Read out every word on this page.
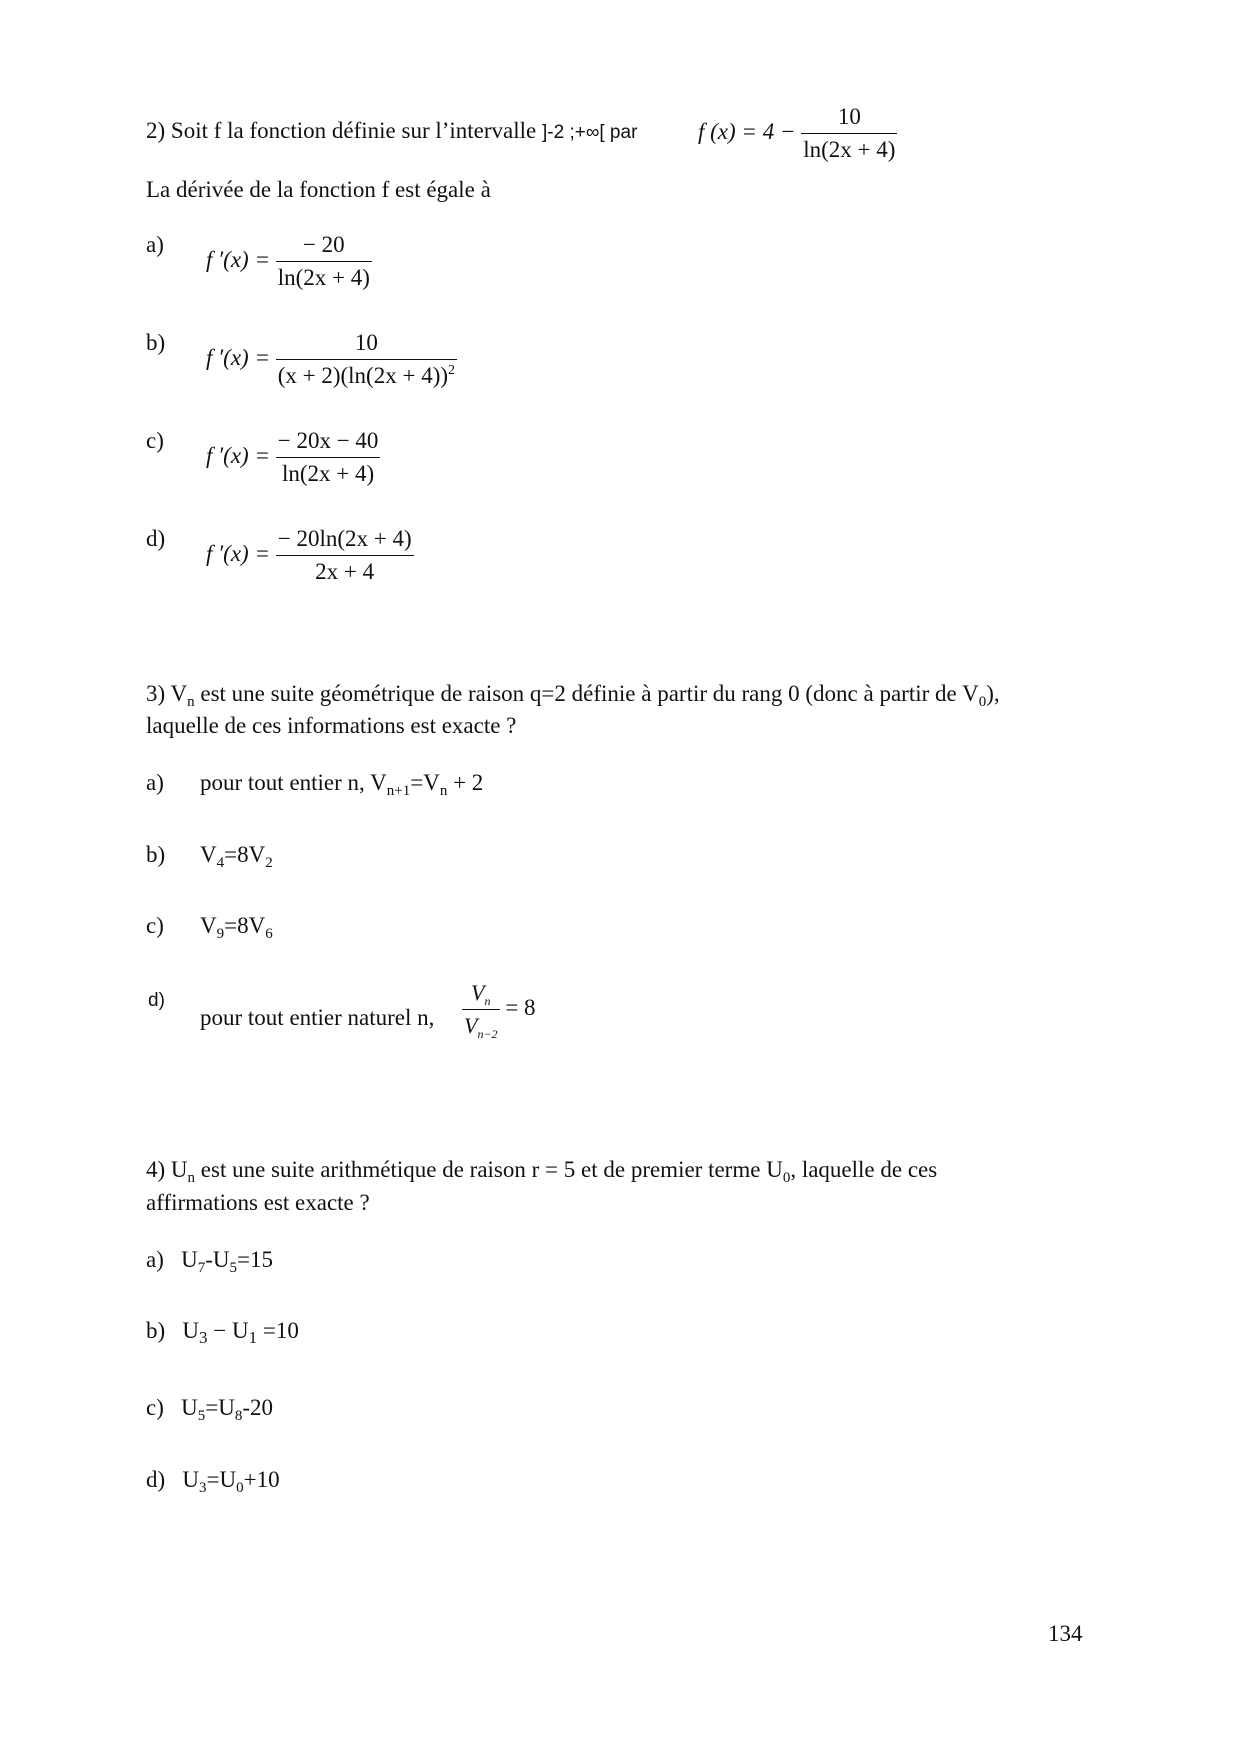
2) Soit f la fonction définie sur l’intervalle ]-2 ;+∞[ par	f $(x) = 4 - \frac{10}{\ln(2x + 4)}$
La dérivée de la fonction f est égale à
a)
f $'(x) = \frac{- 20}{\ln(2x + 4)}$
b)
f $'(x) = \frac{10}{(x + 2)(\ln(2x + 4))^2}$
c)
f $'(x) = \frac{- 20x - 40}{\ln(2x + 4)}$
d)
f $'(x) = \frac{- 20\ln(2x + 4)}{2x + 4}$
3) $V_n$ est une suite géométrique de raison q=2 définie à partir du rang 0 (donc à partir de $V_0$),
laquelle de ces informations est exacte ?
a) pour tout entier n, $V_{n+1}=V_n + 2$
b) $V_4=8V_2$
c) $V_9=8V_6$
d)
pour tout entier naturel n, $\frac{V_n}{V_{n-2}} = 8$
4) $U_n$ est une suite arithmétique de raison r = 5 et de premier terme $U_0$, laquelle de ces
affirmations est exacte ?
a) $U_7-U_5=15$
b) $U_3 - U_1 =10$
c) $U_5=U_8-20$
d) $U_3=U_0+10$
134
